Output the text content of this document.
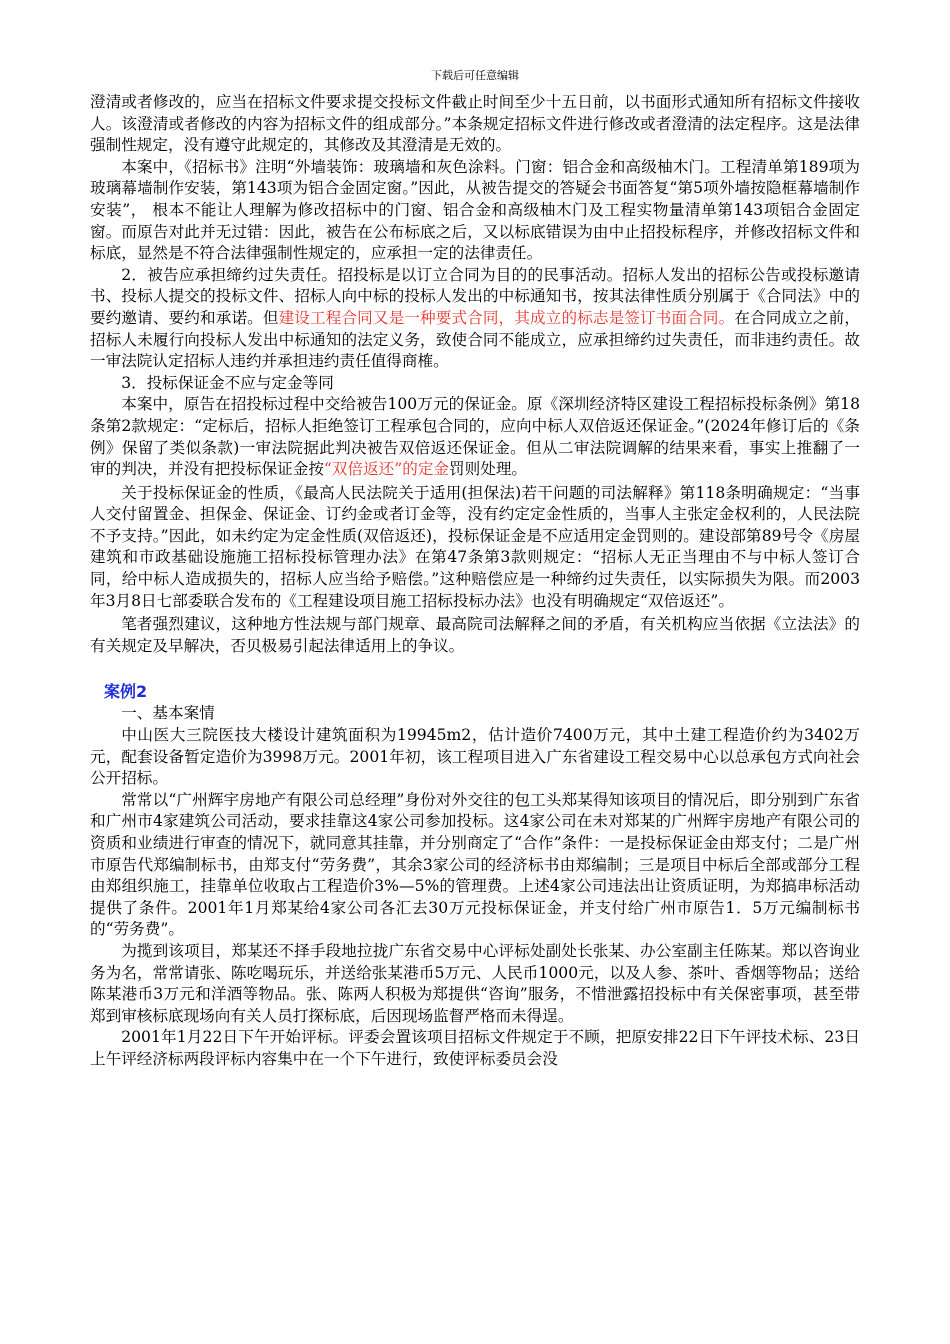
下载后可任意编辑

澄清或者修改的，应当在招标文件要求提交投标文件截止时间至少十五日前，以书面形式通知所有招标文件接收人。该澄清或者修改的内容为招标文件的组成部分。”本条规定招标文件进行修改或者澄清的法定程序。这是法律强制性规定，没有遵守此规定的，其修改及其澄清是无效的。

本案中，《招标书》注明“外墙装饰：玻璃墙和灰色涂料。门窗：铝合金和高级柚木门。工程清单第189项为玻璃幕墙制作安装，第143项为铝合金固定窗。”因此，从被告提交的答疑会书面答复“第5项外墙按隐框幕墙制作安装”， 根本不能让人理解为修改招标中的门窗、铝合金和高级柚木门及工程实物量清单第143项铝合金固定窗。而原告对此并无过错：因此，被告在公布标底之后，又以标底错误为由中止招投标程序，并修改招标文件和标底，显然是不符合法律强制性规定的，应承担一定的法律责任。

2．被告应承担缔约过失责任。招投标是以订立合同为目的的民事活动。招标人发出的招标公告或投标邀请书、投标人提交的投标文件、招标人向中标的投标人发出的中标通知书，按其法律性质分别属于《合同法》中的要约邀请、要约和承诺。但建设工程合同又是一种要式合同，其成立的标志是签订书面合同。在合同成立之前，招标人未履行向投标人发出中标通知的法定义务，致使合同不能成立，应承担缔约过失责任，而非违约责任。故一审法院认定招标人违约并承担违约责任值得商榷。

3．投标保证金不应与定金等同

本案中，原告在招投标过程中交给被告100万元的保证金。原《深圳经济特区建设工程招标投标条例》第18条第2款规定：“定标后，招标人拒绝签订工程承包合同的，应向中标人双倍返还保证金。”(2024年修订后的《条例》保留了类似条款)一审法院据此判决被告双倍返还保证金。但从二审法院调解的结果来看，事实上推翻了一审的判决，并没有把投标保证金按“双倍返还”的定金罚则处理。

关于投标保证金的性质，《最高人民法院关于适用(担保法)若干问题的司法解释》第118条明确规定：“当事人交付留置金、担保金、保证金、订约金或者订金等，没有约定定金性质的，当事人主张定金权利的，人民法院不予支持。”因此，如未约定为定金性质(双倍返还)，投标保证金是不应适用定金罚则的。建设部第89号令《房屋建筑和市政基础设施施工招标投标管理办法》在第47条第3款则规定：“招标人无正当理由不与中标人签订合同，给中标人造成损失的，招标人应当给予赔偿。”这种赔偿应是一种缔约过失责任，以实际损失为限。而2003年3月8日七部委联合发布的《工程建设项目施工招标投标办法》也没有明确规定“双倍返还”。

笔者强烈建议，这种地方性法规与部门规章、最高院司法解释之间的矛盾，有关机构应当依据《立法法》的有关规定及早解决，否贝极易引起法律适用上的争议。

案例2

一、基本案情

中山医大三院医技大楼设计建筑面积为19945m2，估计造价7400万元，其中土建工程造价约为3402万元，配套设备暂定造价为3998万元。2001年初，该工程项目进入广东省建设工程交易中心以总承包方式向社会公开招标。

常常以“广州辉宇房地产有限公司总经理”身份对外交往的包工头郑某得知该项目的情况后，即分别到广东省和广州市4家建筑公司活动，要求挂靠这4家公司参加投标。这4家公司在未对郑某的广州辉宇房地产有限公司的资质和业绩进行审查的情况下，就同意其挂靠，并分别商定了“合作”条件：一是投标保证金由郑支付；二是广州市原告代郑编制标书，由郑支付“劳务费”，其余3家公司的经济标书由郑编制；三是项目中标后全部或部分工程由郑组织施工，挂靠单位收取占工程造价3%—5%的管理费。上述4家公司违法出让资质证明，为郑搞串标活动提供了条件。2001年1月郑某给4家公司各汇去30万元投标保证金，并支付给广州市原告1．5万元编制标书的“劳务费”。

为揽到该项目，郑某还不择手段地拉拢广东省交易中心评标处副处长张某、办公室副主任陈某。郑以咨询业务为名，常常请张、陈吃喝玩乐，并送给张某港币5万元、人民币1000元，以及人参、茶叶、香烟等物品；送给陈某港币3万元和洋酒等物品。张、陈两人积极为郑提供“咨询”服务，不惜泄露招投标中有关保密事项，甚至带郑到审核标底现场向有关人员打探标底，后因现场监督严格而未得逞。

2001年1月22日下午开始评标。评委会置该项目招标文件规定于不顾，把原安排22日下午评技术标、23日上午评经济标两段评标内容集中在一个下午进行，致使评标委员会没
